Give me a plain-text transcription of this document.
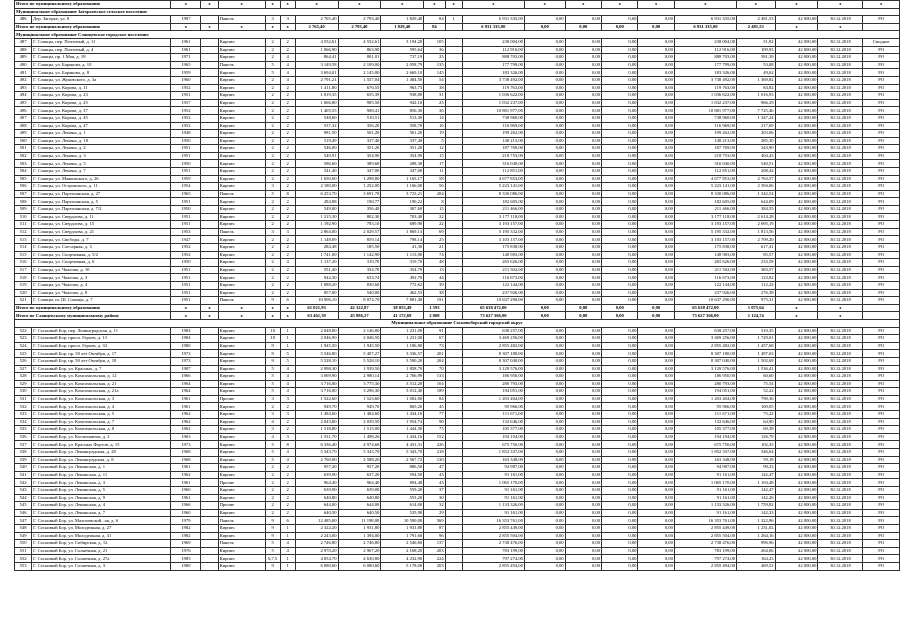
Итого по муниципальному образованию		x	x	x	x	x	x	x	x	x	x	x	x	x	x	x	x	x	x	x	x
Муниципальное образование Загорьевское сельское поселение																					
486	Дер. Загорье, ул. 8	1987		Панель	3	3	2 765,40	2 793,40	1 829,40	84	1	6 931 335,00	0,00	0,00	0,00	0,00	6 931 335,00	2 481,53	42 000,00	30.12.2018	РО
Итого по муниципальному образованию		x	x	x	x	x	2 765,40	2 793,40	1 829,40	84		6 931 335,00	0,00	0,00	0,00	0,00	6 931 335,00	2 481,53	x	x	
Муниципальное образование Сланцевское городское поселение																					
487	Г. Сланцы, пер. Почтовый, д. 11	1961		Кирпич	2	2	4 552,61	4 552,61	3 194,20	105		238 004,00	0,00	0,00	0,00	0,00	238 004,00	51,82	42 000,00	30.12.2018	Сводное
488	Г. Сланцы, пер. Почтовый, д. 4	1961		Кирпич	2	2	1 066,90	863,90	595,64	36		112 916,00	0,00	0,00	0,00	0,00	112 916,00	109,93	42 000,00	30.12.2018	РО
489	Г. Сланцы, пр. 1 Мая, д. 18	1971		Кирпич	2	4	864,41	801,01	737,19	25		888 703,00	0,00	0,00	0,00	0,00	888 703,00	581,39	42 000,00	30.12.2018	РО
490	Г. Сланцы, ул. Баранова, д. 10	1965		Панель	5	4	3 149,58	2 109,00	2 058,79	135		177 799,00	0,00	0,00	0,00	0,00	177 799,00	53,08	42 000,00	30.12.2018	РО
491	Г. Сланцы, ул. Баранова, д. 8	1959		Кирпич	5	4	3 694,01	2 145,00	2 669,10	145		183 326,00	0,00	0,00	0,00	0,00	183 326,00	49,62	42 000,00	30.12.2018	РО
492	Г. Сланцы, ул. Жуковского, д. 3а	1960		Кирпич	2	4	2 791,21	1 557,04	1 484,50	54		3 738 492,00	0,00	0,00	0,00	0,00	3 738 492,00	1 369,82	42 000,00	30.12.2018	РО
493	Г. Сланцы, ул. Кирова, д. 11	1952		Кирпич	2	2	1 411,80	676,55	963,73	38		119 763,00	0,00	0,00	0,00	0,00	119 763,00	84,82	42 000,00	30.12.2018	РО
494	Г. Сланцы, ул. Кирова, д. 23	1951		Кирпич	2	2	1 019,35	655,39	938,80	31		1 036 622,00	0,00	0,00	0,00	0,00	1 036 622,00	1 016,93	42 000,00	30.12.2018	РО
495	Г. Сланцы, ул. Кирова, д. 25	1957		Кирпич	2	2	1 066,80	985,50	942,10	25		1 032 237,00	0,00	0,00	0,00	0,00	1 032 237,00	966,29	42 000,00	30.12.2018	РО
496	Г. Сланцы, ул. Кирова, д. 37	1952		Кирпич	2	2	1 405,55	908,41	856,30	36		10 881 977,00	0,00	0,00	0,00	0,00	10 881 977,00	7 725,46	42 000,00	30.12.2018	РО
497	Г. Сланцы, ул. Кирова, д. 45	1952		Кирпич	2	2	548,60	510,51	513,30	14		738 960,00	0,00	0,00	0,00	0,00	738 960,00	1 347,24	42 000,00	30.12.2018	РО
498	Г. Сланцы, ул. Кирова, д. 47	1952		Кирпич	2	2	537,32	356,20	358,70	16		116 969,00	0,00	0,00	0,00	0,00	116 969,00	217,69	42 000,00	30.12.2018	РО
499	Г. Сланцы, ул. Ленина, д. 1	1948		Кирпич	2	2	981,50	501,20	561,20	19		199 262,00	0,00	0,00	0,00	0,00	199 262,00	203,06	42 000,00	30.12.2018	РО
500	Г. Сланцы, ул. Ленина, д. 10	1950		Кирпич	2	2	519,49	337,40	337,40	5		148 213,00	0,00	0,00	0,00	0,00	148 213,00	285,30	42 000,00	30.12.2018	РО
501	Г. Сланцы, ул. Ленина, д. 2	1951		Кирпич	2	2	546,00	351,20	351,20	12		187 769,00	0,00	0,00	0,00	0,00	187 769,00	343,90	42 000,00	30.12.2018	РО
502	Г. Сланцы, ул. Ленина, д. 3	1951		Кирпич	2	2	540,91	354,90	354,90	15		218 753,00	0,00	0,00	0,00	0,00	218 753,00	404,43	42 000,00	30.12.2018	РО
503	Г. Сланцы, ул. Ленина, д. 5	1950		Кирпич	2	2	586,60	389,68	288,38	17		316 040,00	0,00	0,00	0,00	0,00	316 040,00	540,51	42 000,00	30.12.2018	РО
504	Г. Сланцы, ул. Ленина, д. 7	1951		Кирпич	2	2	541,40	347,00	347,00	11		112 851,00	0,00	0,00	0,00	0,00	112 851,00	208,44	42 000,00	30.12.2018	РО
505	Г. Сланцы, ул. Маяковского, д. 26	1959		Кирпич	2	2	1 650,00	1 298,80	1 165,17	58		4 677 853,00	0,00	0,00	0,00	0,00	4 677 853,00	2 763,57	42 000,00	30.12.2018	РО
506	Г. Сланцы, ул. Островского, д. 11	1954		Кирпич	3	2	2 180,00	1 252,00	1 166,00	56		5 223 141,00	0,00	0,00	0,00	0,00	5 223 141,00	2 394,06	42 000,00	30.12.2018	РО
507	Г. Сланцы, ул. Партизанская, д. 27	1965		Панель	5	8	6 253,70	3 691,78	3 723,21	204		8 330 086,00	0,00	0,00	0,00	0,00	8 330 086,00	1 342,54	42 000,00	30.12.2018	РО
508	Г. Сланцы, ул. Партизанская, д. 5	1951		Кирпич	2	2	284,88	190,77	190,22	8		182 605,00	0,00	0,00	0,00	0,00	182 605,00	644,09	42 000,00	30.12.2018	РО
509	Г. Сланцы, ул. Партизанская, д. 7/2	1950		Кирпич	2	2	549,00	356,40	307,60	15		211 466,00	0,00	0,00	0,00	0,00	211 466,00	384,55	42 000,00	30.12.2018	РО
510	Г. Сланцы, ул. Свердлова, д. 11	1951		Кирпич	2	2	1 215,30	802,30	703,40	22		3 177 118,00	0,00	0,00	0,00	0,00	3 177 118,00	2 614,28	42 000,00	30.12.2018	РО
511	Г. Сланцы, ул. Свердлова, д. 15	1951		Кирпич	2	2	1 192,90	783,10	689,90	22		3 193 157,00	0,00	0,00	0,00	0,00	3 193 157,00	2 695,19	42 000,00	30.12.2018	РО
512	Г. Сланцы, ул. Свердлова, д. 21	1953		Панель	3	3	2 864,00	2 029,57	1 869,13	69		5 195 332,00	0,00	0,00	0,00	0,00	5 195 332,00	1 813,56	42 000,00	30.12.2018	РО
513	Г. Сланцы, ул. Свободы, д. 7	1947		Кирпич	2	2	1 148,09	859,14	798,14	25		3 103 157,00	0,00	0,00	0,00	0,00	3 103 157,00	2 709,20	42 000,00	30.12.2018	РО
514	Г. Сланцы, ул. Слесарная, д. 3	1952		Кирпич	2	2	284,48	185,50	41,30	21		175 838,00	0,00	0,00	0,00	0,00	175 838,00	617,41	42 000,00	30.12.2018	РО
515	Г. Сланцы, ул. Спортивная, д. 5/2	1952		Кирпич	2	2	1 741,00	1 142,90	1 113,90	74		148 983,00	0,00	0,00	0,00	0,00	148 983,00	85,57	42 000,00	30.12.2018	РО
516	Г. Сланцы, ул. Спортивная, д. 6	1950		Кирпич	2	4	1 137,20	319,70	319,70	48		265 626,00	0,00	0,00	0,00	0,00	265 626,00	233,58	42 000,00	30.12.2018	РО
517	Г. Сланцы, ул. Чкалова, д. 10	1951		Кирпич	2	2	551,40	354,70	354,70	13		211 502,00	0,00	0,00	0,00	0,00	211 502,00	383,57	42 000,00	30.12.2018	РО
518	Г. Сланцы, ул. Чкалова, д. 3	1951		Кирпич	2	2	942,30	633,74	492,70	44		116 673,00	0,00	0,00	0,00	0,00	116 673,00	123,82	42 000,00	30.12.2018	РО
519	Г. Сланцы, ул. Чкалова, д. 4	1951		Кирпич	2	2	1 088,20	830,60	772,62	39		122 144,00	0,00	0,00	0,00	0,00	122 144,00	112,24	42 000,00	30.12.2018	РО
520	Г. Сланцы, ул. Чкалова, д. 8	1951		Кирпич	2	2	857,00	540,00	462,53	38		237 926,00	0,00	0,00	0,00	0,00	237 926,00	276,38	42 000,00	30.12.2018	РО
521	Г. Сланцы, ш. Ш. Сланцы, д. 7	1951		Панель	9	6	10 906,10	8 074,70	7 881,40	191		10 637 290,00	0,00	0,00	0,00	0,00	10 637 290,00	975,31	42 000,00	30.12.2018	РО
Итого по муниципальному образованию		x	x	x	x	x	61 021,93	42 322,87	38 053,49	1 593		65 638 472,00	0,00	0,00	0,00	0,00	65 638 472,00	1 075,64	x	x	
Итого по Сланцевскому муниципальному району		x	x	x	x	x	63 461,39	45 886,27	41 172,69	2 008		73 627 366,00	0,00	0,00	0,00	0,00	73 627 366,00	1 124,74	x	x	
Муниципальное образование Сосновоборский городской округ																					
522	Г. Сосновый Бор, пер. Ленинградская, д. 11	1984		Кирпич	10	1	2 048,80	2 146,80	1 231,00	91		638 257,00	0,00	0,00	0,00	0,00	638 257,00	310,35	42 000,00	30.12.2018	РО
523	Г. Сосновый Бор, просп. Героев, д. 13	1984		Кирпич	10	1	2 046,90	2 046,50	1 231,00	67		3 469 256,00	0,00	0,00	0,00	0,00	3 469 256,00	1 729,01	42 000,00	30.12.2018	РО
524	Г. Сосновый Бор, просп. Героев, д. 33	1980		Кирпич	9	1	1 945,50	1 945,50	1 186,80	73		2 855 482,00	0,00	0,00	0,00	0,00	2 855 482,00	1 457,68	42 000,00	30.12.2018	РО
525	Г. Сосновый Бор, пр. 50 лет Октября, д. 17	1973		Кирпич	9	5	5 546,80	5 407,27	3 336,57	201		8 307 180,00	0,00	0,00	0,00	0,00	8 307 180,00	1 497,63	42 000,00	30.12.2018	РО
526	Г. Сосновый Бор, пр. 50 лет Октября, д. 10	1973		Кирпич	9	5	5 528,10	5 528,10	3 590,20	204		8 307 040,00	0,00	0,00	0,00	0,00	8 307 040,00	1 502,69	42 000,00	30.12.2018	РО
527	Г. Сосновый Бор, ул. Красных, д. 7	1987		Кирпич	5	4	2 998,30	1 939,50	1 858,70	70		3 129 576,00	0,00	0,00	0,00	0,00	3 129 576,00	1 536,41	42 000,00	30.12.2018	РО
528	Г. Сосновый Бор, ул. Комсомольская, д. 12	1966		Кирпич	5	4	3 069,90	2 980,14	2 766,99	133		186 950,00	0,00	0,00	0,00	0,00	186 950,00	60,60	42 000,00	30.12.2018	РО
529	Г. Сосновый Бор, ул. Комсомольская, д. 21	1964		Кирпич	5	4	3 716,00	3 775,30	3 512,20	104		280 793,00	0,00	0,00	0,00	0,00	280 793,00	75,54	42 000,00	30.12.2018	РО
530	Г. Сосновый Бор, ул. Комсомольская, д. 21а	1964		Кирпич	5	4	3 716,00	3 296,30	3 012,40	189		194 051,00	0,00	0,00	0,00	0,00	194 051,00	52,22	42 000,00	30.12.2018	РО
531	Г. Сосновый Бор, ул. Комсомольская, д. 3	1961		Прочие	3	3	1 522,60	1 523,60	1 002,00	84		1 203 404,00	0,00	0,00	0,00	0,00	1 203 404,00	790,36	42 000,00	30.12.2018	РО
532	Г. Сосновый Бор, ул. Комсомольская, д. 4	1961		Кирпич	2	2	949,70	949,70	865,20	45		95 966,00	0,00	0,00	0,00	0,00	95 966,00	100,05	42 000,00	30.12.2018	РО
533	Г. Сосновый Бор, ул. Комсомольская, д. 5	1962		Кирпич	3	3	1 484,60	1 484,60	1 434,16	77		111 671,00	0,00	0,00	0,00	0,00	111 671,00	75,22	42 000,00	30.12.2018	РО
534	Г. Сосновый Бор, ул. Комсомольская, д. 7	1962		Кирпич	4	2	2 043,80	2 039,50	1 954,74	90		132 646,00	0,00	0,00	0,00	0,00	132 646,00	64,90	42 000,00	30.12.2018	РО
535	Г. Сосновый Бор, ул. Комсомольская, д. 8	1962		Кирпич	3	2	1 518,80	1 515,00	1 444,30	75		105 377,00	0,00	0,00	0,00	0,00	105 377,00	69,38	42 000,00	30.12.2018	РО
536	Г. Сосновый Бор, ул. Космонавтов, д. 2	1963		Кирпич	4	3	1 531,70	1 498,26	1 434,16	152		194 194,00	0,00	0,00	0,00	0,00	194 194,00	126,79	42 000,00	30.12.2018	РО
537	Г. Сосновый Бор, ул. Красных Фортов, д. 15	1973		Кирпич	5	8	6 336,40	4 974,68	4 431,31	226		675 750,00	0,00	0,00	0,00	0,00	675 750,00	102,35	42 000,00	30.12.2018	РО
538	Г. Сосновый Бор, ул. Ленинградская, д. 28	1968		Кирпич	5	4	5 343,70	5 343,70	5 343,70	218		1 852 337,00	0,00	0,00	0,00	0,00	1 852 337,00	346,64	42 000,00	30.12.2018	РО
539	Г. Сосновый Бор, ул. Ленинградская, д. 8	1968		Кирпич	5	4	2 760,00	2 588,20	2 567,72	130		163 348,00	0,00	0,00	0,00	0,00	163 348,00	59,18	42 000,00	30.12.2018	РО
540	Г. Сосновый Бор, ул. Ленинская, д. 1	1961		Кирпич	2	2	957,20	957,20	886,50	47		94 987,00	0,00	0,00	0,00	0,00	94 987,00	99,23	42 000,00	30.12.2018	РО
541	Г. Сосновый Бор, ул. Ленинская, д. 11	1962		Кирпич	2	2	639,90	637,20	594,50	43		91 161,00	0,00	0,00	0,00	0,00	91 161,00	142,47	42 000,00	30.12.2018	РО
542	Г. Сосновый Бор, ул. Ленинская, д. 3	1961		Прочие	2	2	964,40	964,40	894,40	43		1 065 170,00	0,00	0,00	0,00	0,00	1 065 170,00	1 104,48	42 000,00	30.12.2018	РО
543	Г. Сосновый Бор, ул. Ленинская, д. 5	1960		Кирпич	2	2	639,90	639,00	559,20	37		91 161,00	0,00	0,00	0,00	0,00	91 161,00	142,47	42 000,00	30.12.2018	РО
544	Г. Сосновый Бор, ул. Ленинская, д. 9	1961		Кирпич	2	2	640,80	640,80	553,20	30		91 161,00	0,00	0,00	0,00	0,00	91 161,00	142,26	42 000,00	30.12.2018	РО
545	Г. Сосновый Бор, ул. Ленинская, д. 4	1966		Прочие	2	2	644,00	644,00	614,00	32		1 133 326,00	0,00	0,00	0,00	0,00	1 133 326,00	1 759,82	42 000,00	30.12.2018	РО
546	Г. Сосновый Бор, ул. Ленинская, д. 7	1960		Кирпич	2	2	640,50	640,50	535,90	29		91 161,00	0,00	0,00	0,00	0,00	91 161,00	142,33	42 000,00	30.12.2018	РО
547	Г. Сосновый Бор, ул. Малоземской...ая, д. 6	1979		Панель	9	6	12 485,00	11 198,00	10 590,00	569		16 353 761,00	0,00	0,00	0,00	0,00	16 353 761,00	1 322,96	42 000,00	30.12.2018	РО
548	Г. Сосновый Бор, ул. Молодежная, д. 27	1982		Кирпич	9	1	2 322,20	1 931,80	1 931,80	87		2 855 449,00	0,00	0,00	0,00	0,00	2 855 449,00	1 231,02	42 000,00	30.12.2018	РО
549	Г. Сосновый Бор, ул. Молодежная, д. 41	1982		Кирпич	9	1	2 243,00	1 394,00	1 791,60	96		2 855 504,00	0,00	0,00	0,00	0,00	2 855 504,00	1 264,16	42 000,00	30.12.2018	РО
550	Г. Сосновый Бор, ул. Сибирская, д. 12	1969		Панель	5	4	2 746,80	2 746,80	2 546,60	137		2 738 476,00	0,00	0,00	0,00	0,00	2 738 476,00	996,96	42 000,00	30.12.2018	РО
551	Г. Сосновый Бор, ул. Солнечная, д. 21	1976		Кирпич	5	4	2 970,20	2 967,20	2 168,20	203		783 199,00	0,00	0,00	0,00	0,00	783 199,00	264,06	42 000,00	30.12.2018	РО
552	Г. Сосновый Бор, ул. Солнечная, д. 27а	1985		Кирпич	6,7,5	1	4 854,70	4 630,80	4 232,90	224		797 274,00	0,00	0,00	0,00	0,00	797 274,00	164,23	42 000,00	30.12.2018	РО
553	Г. Сосновый Бор, ул. Солнечная, д. 3	1980		Кирпич	9	1	6 080,60	6 080,60	5 178,00	203		2 855 494,00	0,00	0,00	0,00	0,00	2 855 494,00	469,52	42 000,00	30.12.2018	РО
